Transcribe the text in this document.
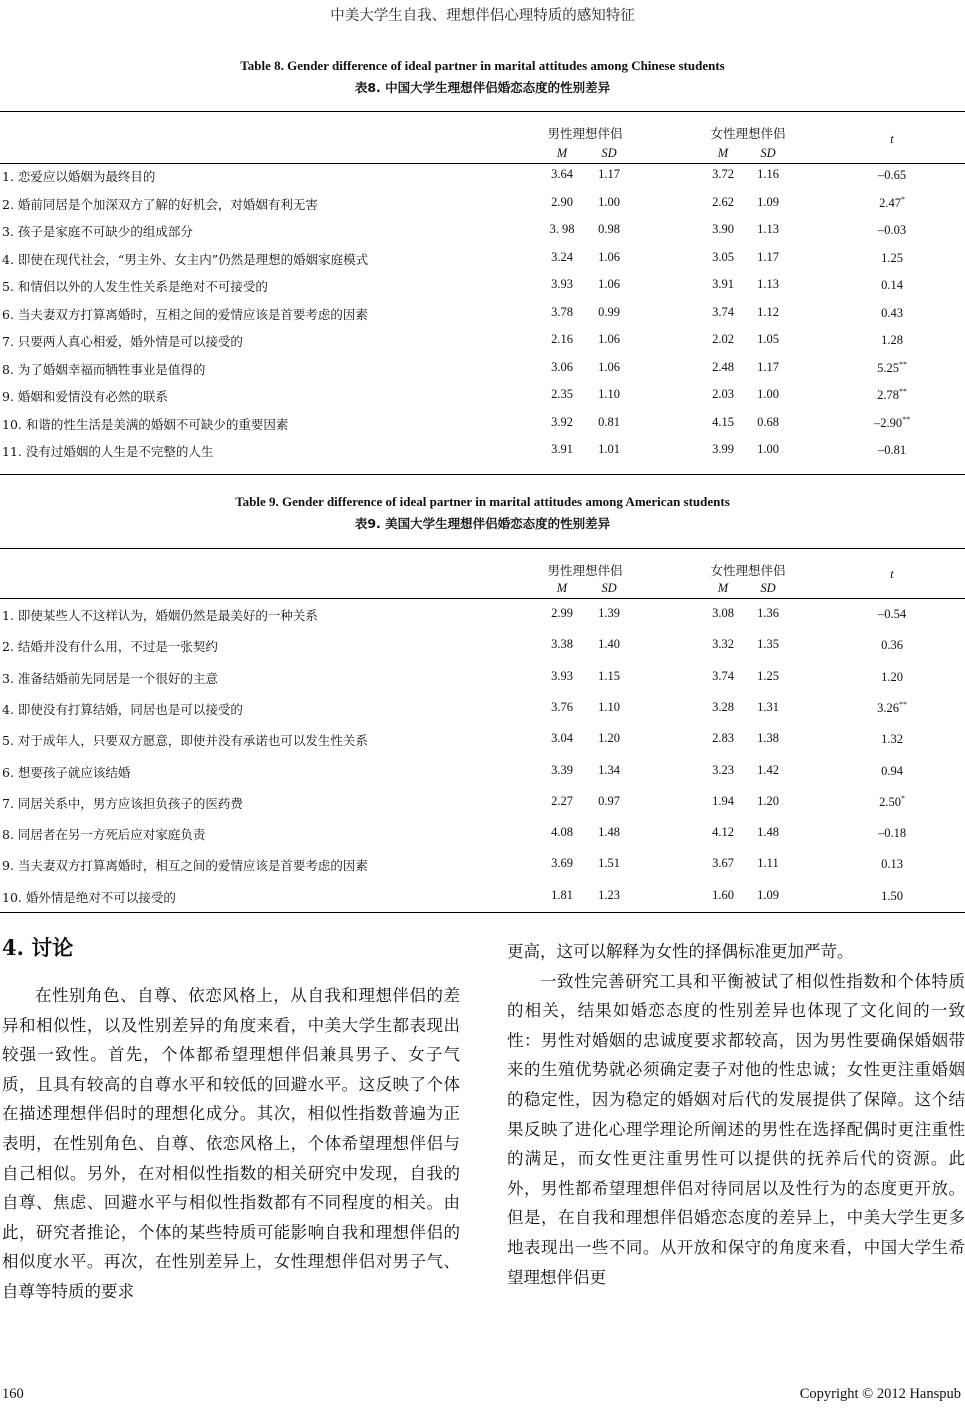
中美大学生自我、理想伴侣心理特质的感知特征
Table 8. Gender difference of ideal partner in marital attitudes among Chinese students
表8. 中国大学生理想伴侣婚恋态度的性别差异
男性理想伴侣	女性理想伴侣	t
M	SD	M	SD
1. 恋爱应以婚姻为最终目的	3.64	1.17	3.72	1.16	–0.65
2. 婚前同居是个加深双方了解的好机会，对婚姻有利无害	2.90	1.00	2.62	1.09	2.47*
3. 孩子是家庭不可缺少的组成部分	3. 98	0.98	3.90	1.13	–0.03
4. 即使在现代社会，“男主外、女主内”仍然是理想的婚姻家庭模式	3.24	1.06	3.05	1.17	1.25
5. 和情侣以外的人发生性关系是绝对不可接受的	3.93	1.06	3.91	1.13	0.14
6. 当夫妻双方打算离婚时，互相之间的爱情应该是首要考虑的因素	3.78	0.99	3.74	1.12	0.43
7. 只要两人真心相爱，婚外情是可以接受的	2.16	1.06	2.02	1.05	1.28
8. 为了婚姻幸福而牺牲事业是值得的	3.06	1.06	2.48	1.17	5.25**
9. 婚姻和爱情没有必然的联系	2.35	1.10	2.03	1.00	2.78**
10. 和谐的性生活是美满的婚姻不可缺少的重要因素	3.92	0.81	4.15	0.68	–2.90**
11. 没有过婚姻的人生是不完整的人生	3.91	1.01	3.99	1.00	–0.81
Table 9. Gender difference of ideal partner in marital attitudes among American students
表9. 美国大学生理想伴侣婚恋态度的性别差异
男性理想伴侣	女性理想伴侣	t
M	SD	M	SD
1. 即使某些人不这样认为，婚姻仍然是最美好的一种关系	2.99	1.39	3.08	1.36	–0.54
2. 结婚并没有什么用，不过是一张契约	3.38	1.40	3.32	1.35	0.36
3. 准备结婚前先同居是一个很好的主意	3.93	1.15	3.74	1.25	1.20
4. 即使没有打算结婚，同居也是可以接受的	3.76	1.10	3.28	1.31	3.26**
5. 对于成年人，只要双方愿意，即使并没有承诺也可以发生性关系	3.04	1.20	2.83	1.38	1.32
6. 想要孩子就应该结婚	3.39	1.34	3.23	1.42	0.94
7. 同居关系中，男方应该担负孩子的医药费	2.27	0.97	1.94	1.20	2.50*
8. 同居者在另一方死后应对家庭负责	4.08	1.48	4.12	1.48	–0.18
9. 当夫妻双方打算离婚时，相互之间的爱情应该是首要考虑的因素	3.69	1.51	3.67	1.11	0.13
10. 婚外情是绝对不可以接受的	1.81	1.23	1.60	1.09	1.50
4. 讨论

在性别角色、自尊、依恋风格上，从自我和理想伴侣的差异和相似性，以及性别差异的角度来看，中美大学生都表现出较强一致性。首先，个体都希望理想伴侣兼具男子、女子气质，且具有较高的自尊水平和较低的回避水平。这反映了个体在描述理想伴侣时的理想化成分。其次，相似性指数普遍为正表明，在性别角色、自尊、依恋风格上，个体希望理想伴侣与自己相似。另外，在对相似性指数的相关研究中发现，自我的自尊、焦虑、回避水平与相似性指数都有不同程度的相关。由此，研究者推论，个体的某些特质可能影响自我和理想伴侣的相似度水平。再次，在性别差异上，女性理想伴侣对男子气、自尊等特质的要求

更高，这可以解释为女性的择偶标准更加严苛。

一致性完善研究工具和平衡被试了相似性指数和个体特质的相关，结果如婚恋态度的性别差异也体现了文化间的一致性：男性对婚姻的忠诚度要求都较高，因为男性要确保婚姻带来的生殖优势就必须确定妻子对他的性忠诚；女性更注重婚姻的稳定性，因为稳定的婚姻对后代的发展提供了保障。这个结果反映了进化心理学理论所阐述的男性在选择配偶时更注重性的满足，而女性更注重男性可以提供的抚养后代的资源。此外，男性都希望理想伴侣对待同居以及性行为的态度更开放。但是，在自我和理想伴侣婚恋态度的差异上，中美大学生更多地表现出一些不同。从开放和保守的角度来看，中国大学生希望理想伴侣更

160	Copyright © 2012 Hanspub
